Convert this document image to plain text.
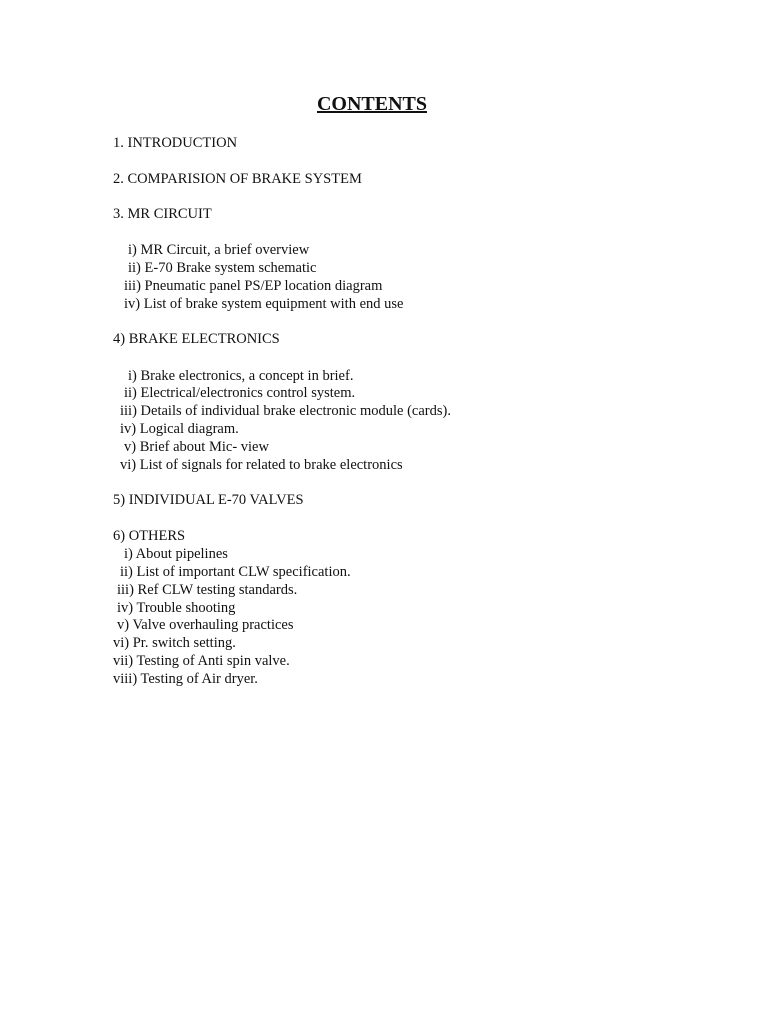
CONTENTS
1. INTRODUCTION
2. COMPARISION OF BRAKE SYSTEM
3. MR CIRCUIT
i) MR Circuit, a brief overview
ii) E-70 Brake system schematic
iii) Pneumatic panel PS/EP location diagram
iv) List of brake system equipment with end use
4) BRAKE ELECTRONICS
i) Brake electronics, a concept in brief.
ii) Electrical/electronics control system.
iii) Details of individual brake electronic module (cards).
iv) Logical diagram.
v) Brief about Mic- view
vi) List of signals for related to brake electronics
5) INDIVIDUAL E-70 VALVES
6) OTHERS
i) About pipelines
ii) List of important CLW specification.
iii) Ref CLW testing standards.
iv) Trouble shooting
v) Valve overhauling practices
vi) Pr. switch setting.
vii) Testing of Anti spin valve.
viii) Testing of Air dryer.
